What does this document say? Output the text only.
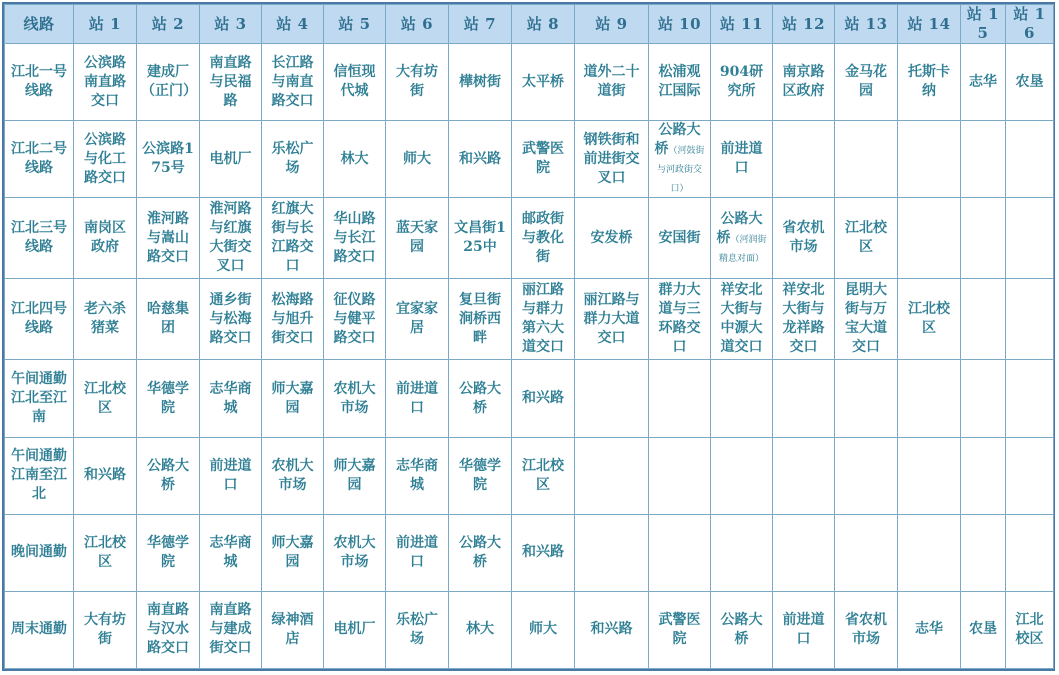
线路	站 1	站 2	站 3	站 4	站 5	站 6	站 7	站 8	站 9	站 10	站 11	站 12	站 13	站 14	站 15	站 16
江北一号线路	公滨路南直路交口	建成厂（正门）	南直路与民福路	长江路与南直路交口	信恒现代城	大有坊街	樺树街	太平桥	道外二十道街	松浦观江国际	904研究所	南京路区政府	金马花园	托斯卡纳	志华	农垦
江北二号线路	公滨路与化工路交口	公滨路175号	电机厂	乐松广场	林大	师大	和兴路	武警医院	钢铁街和前进街交叉口	公路大桥（河鼓街与河政街交口）	前进道口					
江北三号线路	南岗区政府	淮河路与嵩山路交口	淮河路与红旗大街交叉口	红旗大街与长江路交口	华山路与长江路交口	蓝天家园	文昌街125中	邮政街与教化街	安发桥	安国街	公路大桥（河润街精息对面）	省农机市场	江北校区			
江北四号线路	老六杀猪菜	哈慈集团	通乡街与松海路交口	松海路与旭升街交口	征仪路与健平路交口	宜家家居	复旦街涧桥西畔	丽江路与群力第六大道交口	丽江路与群力大道交口	群力大道与三环路交口	祥安北大街与中源大道交口	祥安北大街与龙祥路交口	昆明大街与万宝大道交口	江北校区		
午间通勤江北至江南	江北校区	华德学院	志华商城	师大嘉园	农机大市场	前进道口	公路大桥	和兴路								
午间通勤江南至江北	和兴路	公路大桥	前进道口	农机大市场	师大嘉园	志华商城	华德学院	江北校区								
晚间通勤	江北校区	华德学院	志华商城	师大嘉园	农机大市场	前进道口	公路大桥	和兴路								
周末通勤	大有坊街	南直路与汉水路交口	南直路与建成街交口	绿神酒店	电机厂	乐松广场	林大	师大	和兴路	武警医院	公路大桥	前进道口	省农机市场	志华	农垦	江北校区
